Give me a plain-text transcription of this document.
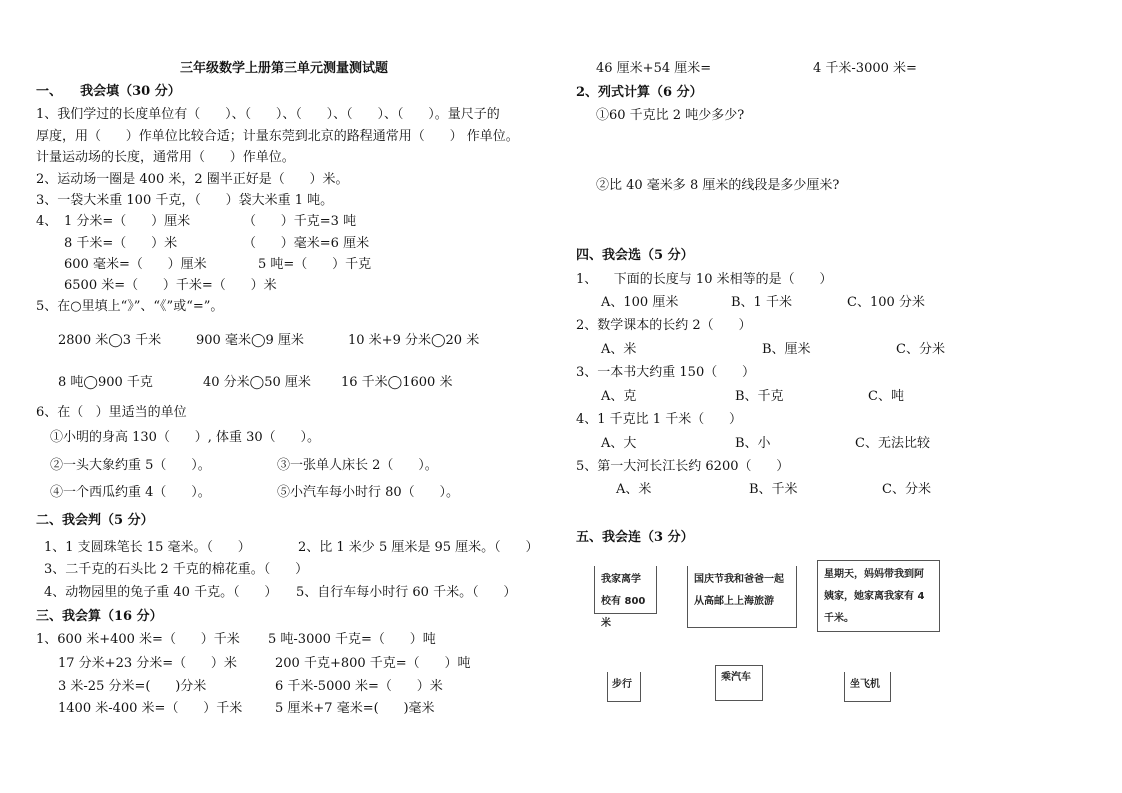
三年级数学上册第三单元测量测试题
一、    我会填（30 分）
1、我们学过的长度单位有（      ）、（      ）、（      ）、（      ）、（      ）。量尺子的
厚度，用（      ）作单位比较合适；计量东莞到北京的路程通常用（      ） 作单位。
计量运动场的长度，通常用（      ）作单位。
2、运动场一圈是 400 米，2 圈半正好是（      ）米。
3、一袋大米重 100 千克，（      ）袋大米重 1 吨。
4、 1 分米=（      ）厘米	（      ）千克=3 吨
8 千米=（      ）米	（      ）毫米=6 厘米
600 毫米=（      ）厘米	5 吨=（      ）千克
6500 米=（      ）千米=（      ）米
5、在○里填上“》”、“《”或“=”。
2800 米◯3 千米	900 毫米◯9 厘米	10 米+9 分米◯20 米
8 吨◯900 千克	40 分米◯50 厘米 16 千米◯1600 米
6、在（   ）里适当的单位
①小明的身高 130（      ）, 体重 30（      ）。
②一头大象约重 5（      ）。	③一张单人床长 2（      ）。
④一个西瓜约重 4（      ）。	⑤小汽车每小时行 80（      ）。
二、我会判（5 分）
1、1 支圆珠笔长 15 毫米。（      ）	2、比 1 米少 5 厘米是 95 厘米。（      ）
3、二千克的石头比 2 千克的棉花重。（      ）
4、动物园里的兔子重 40 千克。（      ） 5、自行车每小时行 60 千米。（      ）
三、我会算（16 分）
1、600 米+400 米=（      ）千米 5 吨-3000 千克=（      ）吨
17 分米+23 分米=（      ）米	200 千克+800 千克=（      ）吨
3 米-25 分米=(      )分米	6 千米-5000 米=（      ）米
1400 米-400 米=（      ）千米	5 厘米+7 毫米=(      )毫米
46 厘米+54 厘米=	4 千米-3000 米=
2、列式计算（6 分）
①60 千克比 2 吨少多少?
②比 40 毫米多 8 厘米的线段是多少厘米?
四、我会选（5 分）
1、    下面的长度与 10 米相等的是（      ）
A、100 厘米	B、1 千米	C、100 分米
2、数学课本的长约 2（      ）
A、米	B、厘米	C、分米
3、一本书大约重 150（      ）
A、克	B、千克	C、吨
4、1 千克比 1 千米（      ）
A、大	B、小	C、无法比较
5、第一大河长江长约 6200（      ）
A、米	B、千米	C、分米
五、我会连（3 分）
我家离学校有 800 米
国庆节我和爸爸一起从高邮上上海旅游
星期天，妈妈带我到阿姨家，她家离我家有 4 千米。
步行
乘汽车
坐飞机
